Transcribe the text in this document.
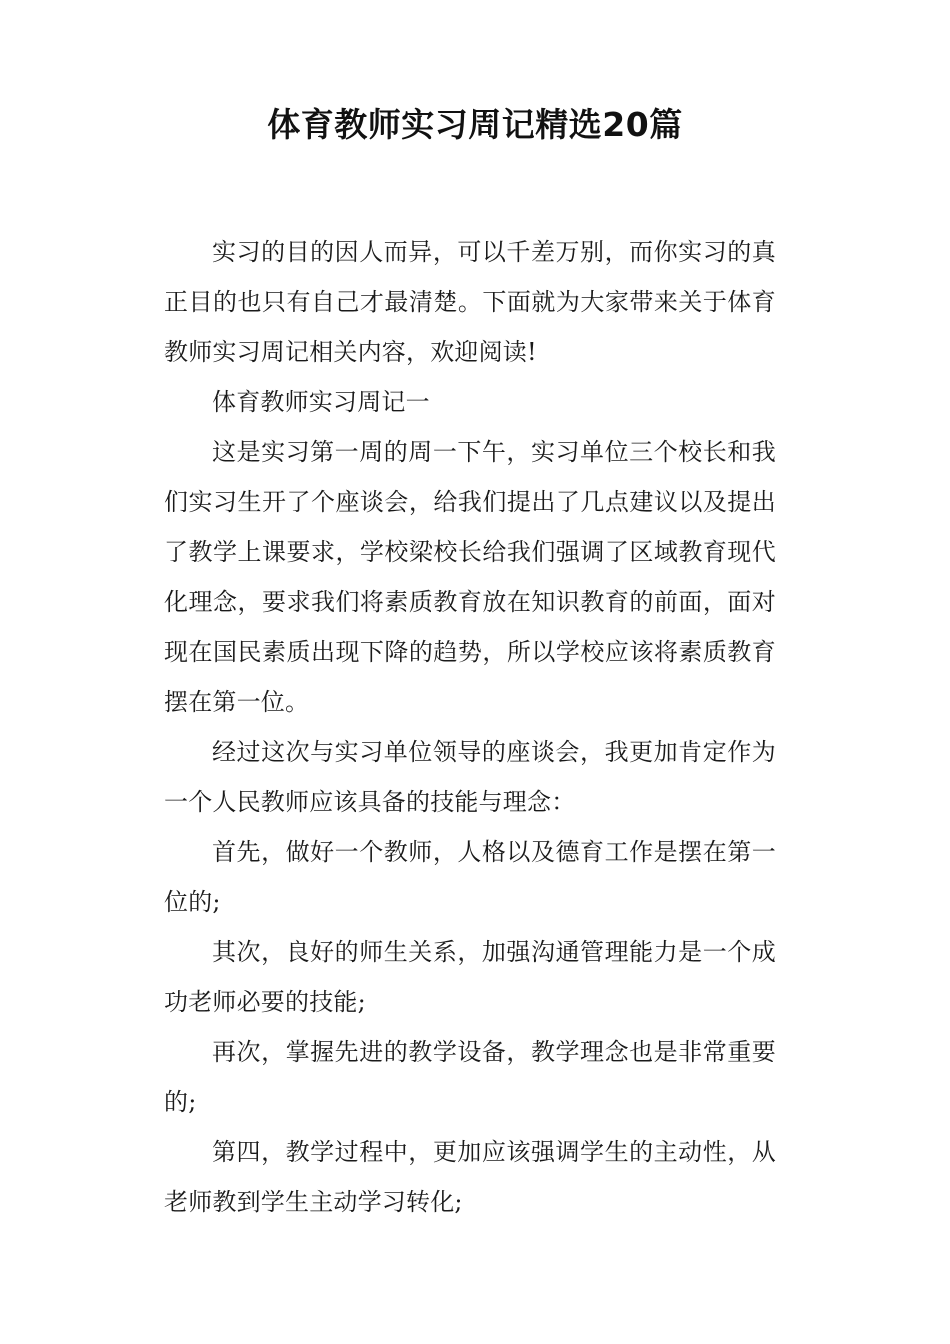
体育教师实习周记精选20篇

实习的目的因人而异，可以千差万别，而你实习的真正目的也只有自己才最清楚。下面就为大家带来关于体育教师实习周记相关内容，欢迎阅读!

体育教师实习周记一

这是实习第一周的周一下午，实习单位三个校长和我们实习生开了个座谈会，给我们提出了几点建议以及提出了教学上课要求，学校梁校长给我们强调了区域教育现代化理念，要求我们将素质教育放在知识教育的前面，面对现在国民素质出现下降的趋势，所以学校应该将素质教育摆在第一位。

经过这次与实习单位领导的座谈会，我更加肯定作为一个人民教师应该具备的技能与理念：

首先，做好一个教师，人格以及德育工作是摆在第一位的;

其次，良好的师生关系，加强沟通管理能力是一个成功老师必要的技能;

再次，掌握先进的教学设备，教学理念也是非常重要的;

第四，教学过程中，更加应该强调学生的主动性，从老师教到学生主动学习转化;
